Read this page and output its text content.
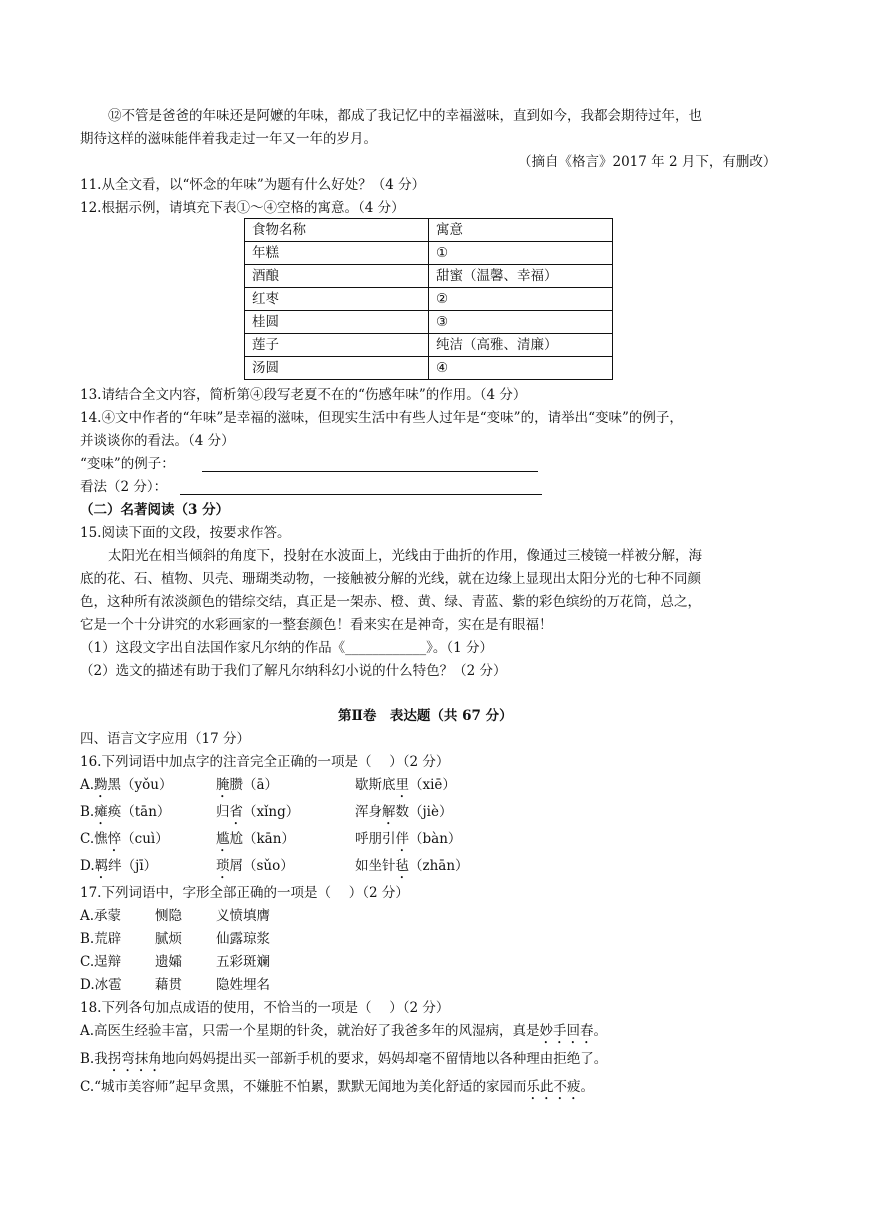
⑫不管是爸爸的年味还是阿嬷的年味，都成了我记忆中的幸福滋味，直到如今，我都会期待过年，也
期待这样的滋味能伴着我走过一年又一年的岁月。
（摘自《格言》2017 年 2 月下，有删改）
11.从全文看，以“怀念的年味”为题有什么好处？（4 分）
12.根据示例，请填充下表①～④空格的寓意。（4 分）
食物名称	寓意
年糕	①
酒酿	甜蜜（温馨、幸福）
红枣	②
桂圆	③
莲子	纯洁（高雅、清廉）
汤圆	④
13.请结合全文内容，简析第④段写老夏不在的“伤感年味”的作用。（4 分）
14.④文中作者的“年味”是幸福的滋味，但现实生活中有些人过年是“变味”的，请举出“变味”的例子，
并谈谈你的看法。（4 分）
“变味”的例子：
看法（2 分）：
（二）名著阅读（3 分）
15.阅读下面的文段，按要求作答。
太阳光在相当倾斜的角度下，投射在水波面上，光线由于曲折的作用，像通过三棱镜一样被分解，海
底的花、石、植物、贝壳、珊瑚类动物，一接触被分解的光线，就在边缘上显现出太阳分光的七种不同颜
色，这种所有浓淡颜色的错综交结，真正是一架赤、橙、黄、绿、青蓝、紫的彩色缤纷的万花筒，总之，
它是一个十分讲究的水彩画家的一整套颜色！看来实在是神奇，实在是有眼福！
（1）这段文字出自法国作家凡尔纳的作品《____________》。（1 分）
（2）选文的描述有助于我们了解凡尔纳科幻小说的什么特色？（2 分）
第Ⅱ卷　表达题（共 67 分）
四、语言文字应用（17 分）
16.下列词语中加点字的注音完全正确的一项是（　 ）（2 分）
A.黝黑（yǒu）	腌臜（ā）	歇斯底里（xiē）
B.瘫痪（tān）	归省（xǐng）	浑身解数（jiè）
C.憔悴（cuì）	尴尬（kān）	呼朋引伴（bàn）
D.羁绊（jī）	琐屑（sǔo）	如坐针毡（zhān）
17.下列词语中，字形全部正确的一项是（　 ）（2 分）
A.承蒙	恻隐	义愤填膺
B.荒辟	腻烦	仙露琼浆
C.逞辩	遗孀	五彩斑斓
D.冰雹 藉贯	隐姓埋名
18.下列各句加点成语的使用，不恰当的一项是（　 ）（2 分）
A.高医生经验丰富，只需一个星期的针灸，就治好了我爸多年的风湿病，真是妙手回春。
B.我拐弯抹角地向妈妈提出买一部新手机的要求，妈妈却毫不留情地以各种理由拒绝了。
C.“城市美容师”起早贪黑，不嫌脏不怕累，默默无闻地为美化舒适的家园而乐此不疲。
